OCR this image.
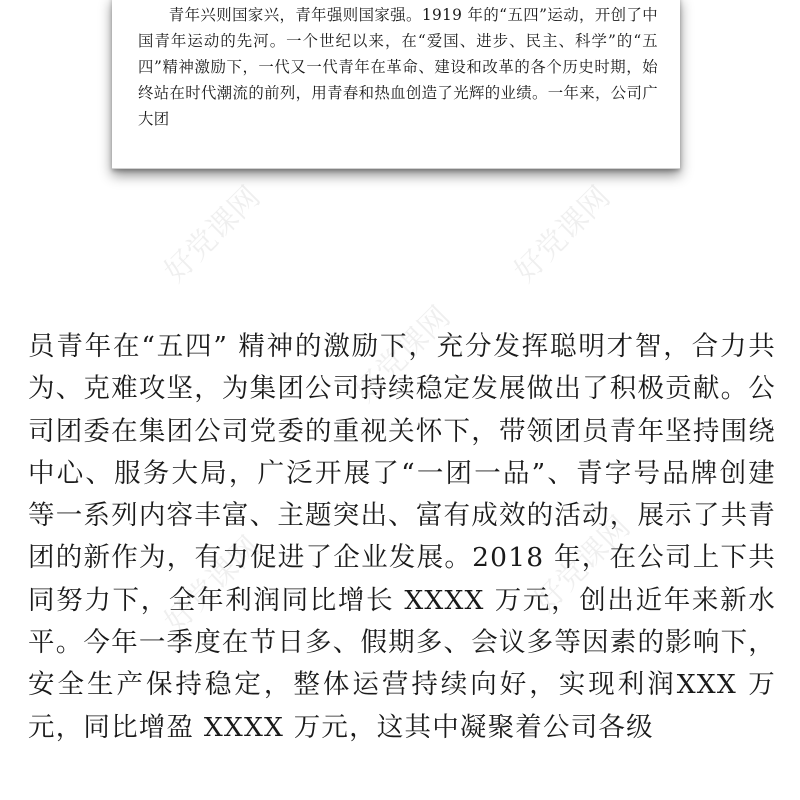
青年兴则国家兴，青年强则国家强。1919 年的“五四”运动，开创了中国青年运动的先河。一个世纪以来，在“爱国、进步、民主、科学”的“五四”精神激励下，一代又一代青年在革命、建设和改革的各个历史时期，始终站在时代潮流的前列，用青春和热血创造了光辉的业绩。一年来，公司广大团

员青年在“五四” 精神的激励下，充分发挥聪明才智，合力共为、克难攻坚，为集团公司持续稳定发展做出了积极贡献。公司团委在集团公司党委的重视关怀下，带领团员青年坚持围绕中心、服务大局，广泛开展了“一团一品”、青字号品牌创建等一系列内容丰富、主题突出、富有成效的活动，展示了共青团的新作为，有力促进了企业发展。2018 年，在公司上下共同努力下，全年利润同比增长 XXXX 万元，创出近年来新水平。今年一季度在节日多、假期多、会议多等因素的影响下，安全生产保持稳定，整体运营持续向好，实现利润XXX 万元，同比增盈 XXXX 万元，这其中凝聚着公司各级

好党课网
好党课网
好党课网
好党课网	好党课网
